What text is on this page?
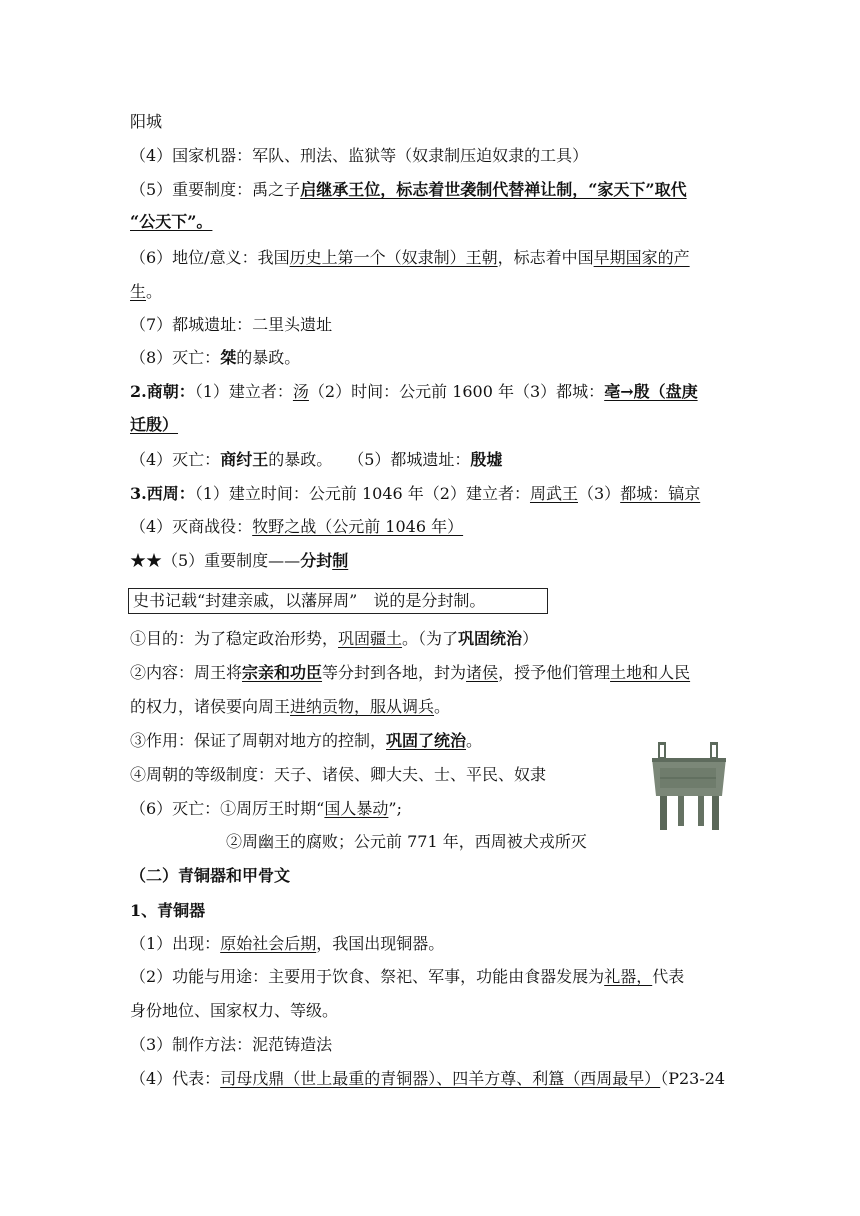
阳城
（4）国家机器：军队、刑法、监狱等（奴隶制压迫奴隶的工具）
（5）重要制度：禹之子启继承王位，标志着世袭制代替禅让制，“家天下”取代
“公天下”。
（6）地位/意义：我国历史上第一个（奴隶制）王朝，标志着中国早期国家的产
生。
（7）都城遗址：二里头遗址
（8）灭亡：桀的暴政。
2.商朝：（1）建立者：汤（2）时间：公元前 1600 年（3）都城：亳→殷（盘庚
迁殷）
（4）灭亡：商纣王的暴政。　　（5）都城遗址：殷墟
3.西周：（1）建立时间：公元前 1046 年（2）建立者：周武王（3）都城：镐京
（4）灭商战役：牧野之战（公元前 1046 年）
★★（5）重要制度——分封制
史书记载“封建亲戚，以藩屏周”　说的是分封制。
①目的：为了稳定政治形势，巩固疆土。（为了巩固统治）
②内容：周王将宗亲和功臣等分封到各地，封为诸侯，授予他们管理土地和人民
的权力，诸侯要向周王进纳贡物，服从调兵。
③作用：保证了周朝对地方的控制，巩固了统治。
④周朝的等级制度：天子、诸侯、卿大夫、士、平民、奴隶
（6）灭亡：①周厉王时期“国人暴动”;
②周幽王的腐败；公元前 771 年，西周被犬戎所灭
（二）青铜器和甲骨文
1、青铜器
（1）出现：原始社会后期，我国出现铜器。
（2）功能与用途：主要用于饮食、祭祀、军事，功能由食器发展为礼器，代表
身份地位、国家权力、等级。
（3）制作方法：泥范铸造法
（4）代表：司母戊鼎（世上最重的青铜器）、四羊方尊、利簋（西周最早）（P23-24
